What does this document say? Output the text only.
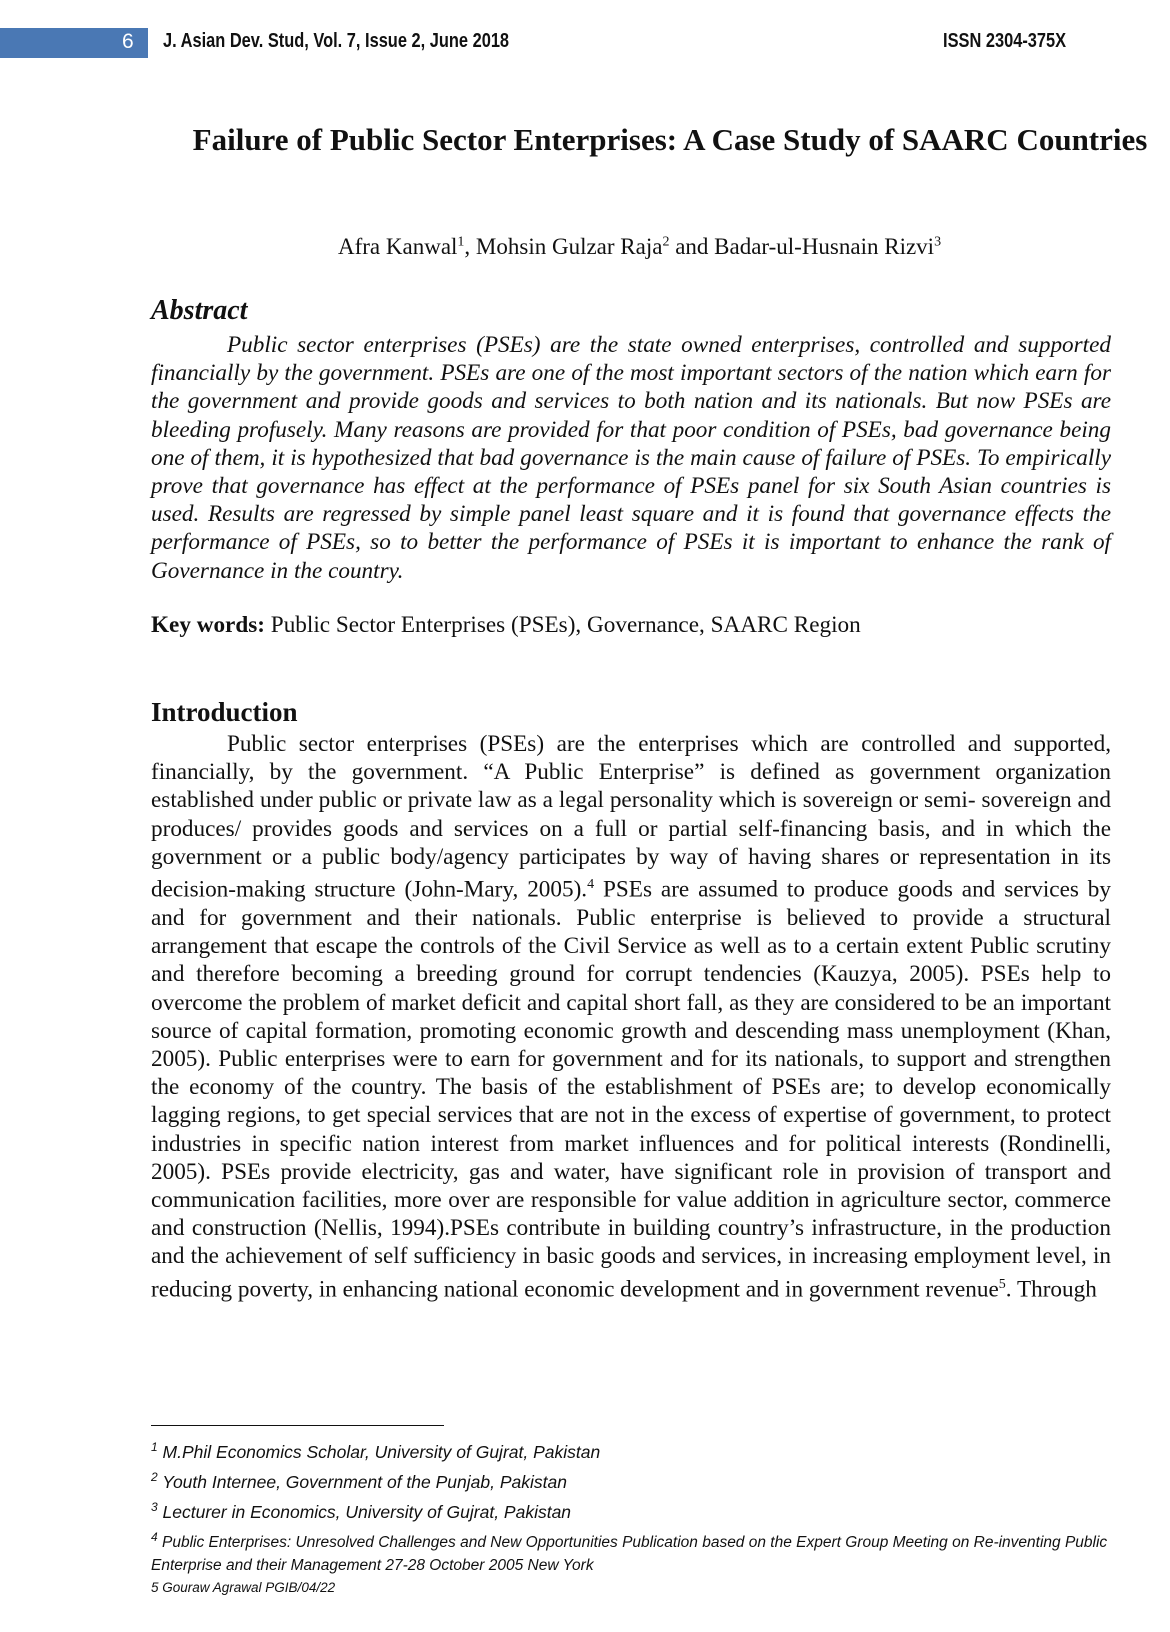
6 J. Asian Dev. Stud, Vol. 7, Issue 2, June 2018	ISSN 2304-375X
Failure of Public Sector Enterprises: A Case Study of SAARC Countries
Afra Kanwal$^1$, Mohsin Gulzar Raja$^2$ and Badar-ul-Husnain Rizvi$^3$
Abstract

Public sector enterprises (PSEs) are the state owned enterprises, controlled and supported financially by the government. PSEs are one of the most important sectors of the nation which earn for the government and provide goods and services to both nation and its nationals. But now PSEs are bleeding profusely. Many reasons are provided for that poor condition of PSEs, bad governance being one of them, it is hypothesized that bad governance is the main cause of failure of PSEs. To empirically prove that governance has effect at the performance of PSEs panel for six South Asian countries is used. Results are regressed by simple panel least square and it is found that governance effects the performance of PSEs, so to better the performance of PSEs it is important to enhance the rank of Governance in the country.

Key words: Public Sector Enterprises (PSEs), Governance, SAARC Region
Introduction

Public sector enterprises (PSEs) are the enterprises which are controlled and supported, financially, by the government. “A Public Enterprise” is defined as government organization established under public or private law as a legal personality which is sovereign or semi- sovereign and produces/ provides goods and services on a full or partial self-financing basis, and in which the government or a public body/agency participates by way of having shares or representation in its decision-making structure (John-Mary, 2005).$^4$ PSEs are assumed to produce goods and services by and for government and their nationals. Public enterprise is believed to provide a structural arrangement that escape the controls of the Civil Service as well as to a certain extent Public scrutiny and therefore becoming a breeding ground for corrupt tendencies (Kauzya, 2005). PSEs help to overcome the problem of market deficit and capital short fall, as they are considered to be an important source of capital formation, promoting economic growth and descending mass unemployment (Khan, 2005). Public enterprises were to earn for government and for its nationals, to support and strengthen the economy of the country. The basis of the establishment of PSEs are; to develop economically lagging regions, to get special services that are not in the excess of expertise of government, to protect industries in specific nation interest from market influences and for political interests (Rondinelli, 2005). PSEs provide electricity, gas and water, have significant role in provision of transport and communication facilities, more over are responsible for value addition in agriculture sector, commerce and construction (Nellis, 1994).PSEs contribute in building country’s infrastructure, in the production and the achievement of self sufficiency in basic goods and services, in increasing employment level, in reducing poverty, in enhancing national economic development and in government revenue$^5$. Through

$^1$ M.Phil Economics Scholar, University of Gujrat, Pakistan

$^2$ Youth Internee, Government of the Punjab, Pakistan

$^3$ Lecturer in Economics, University of Gujrat, Pakistan

$^4$ Public Enterprises: Unresolved Challenges and New Opportunities Publication based on the Expert Group Meeting on Re-inventing Public Enterprise and their Management 27-28 October 2005 New York

5 Gouraw Agrawal PGIB/04/22
